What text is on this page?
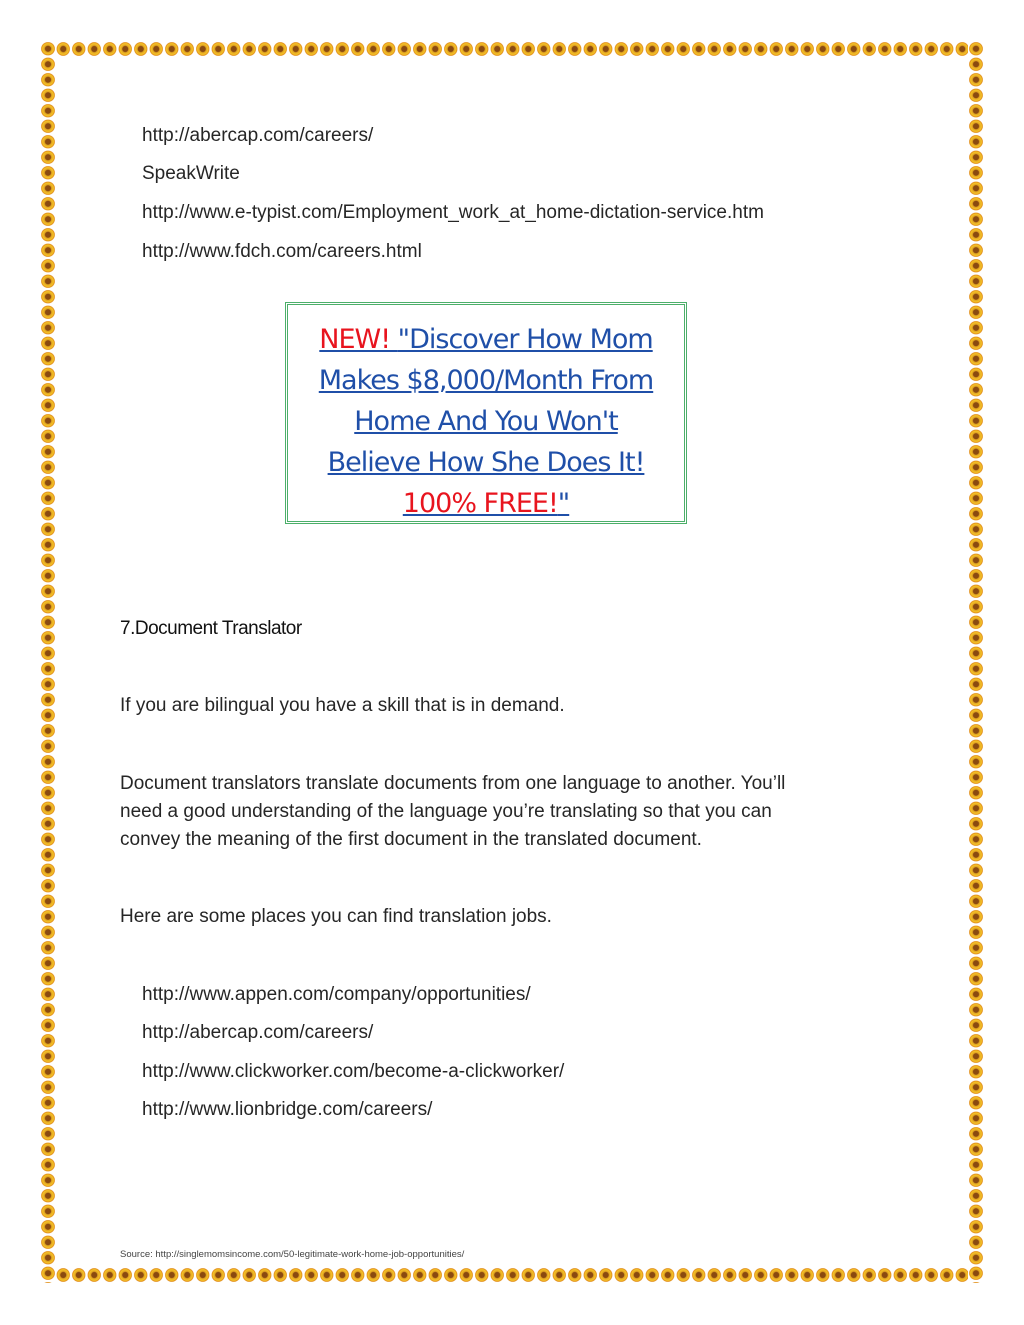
http://abercap.com/careers/
SpeakWrite
http://www.e-typist.com/Employment_work_at_home-dictation-service.htm
http://www.fdch.com/careers.html
NEW! "Discover How Mom
Makes $8,000/Month From
Home And You Won't
Believe How She Does It!
100% FREE!"
7.Document Translator
If you are bilingual you have a skill that is in demand.
Document translators translate documents from one language to another. You’ll
need a good understanding of the language you’re translating so that you can
convey the meaning of the first document in the translated document.
Here are some places you can find translation jobs.
http://www.appen.com/company/opportunities/
http://abercap.com/careers/
http://www.clickworker.com/become-a-clickworker/
http://www.lionbridge.com/careers/
Source: http://singlemomsincome.com/50-legitimate-work-home-job-opportunities/
